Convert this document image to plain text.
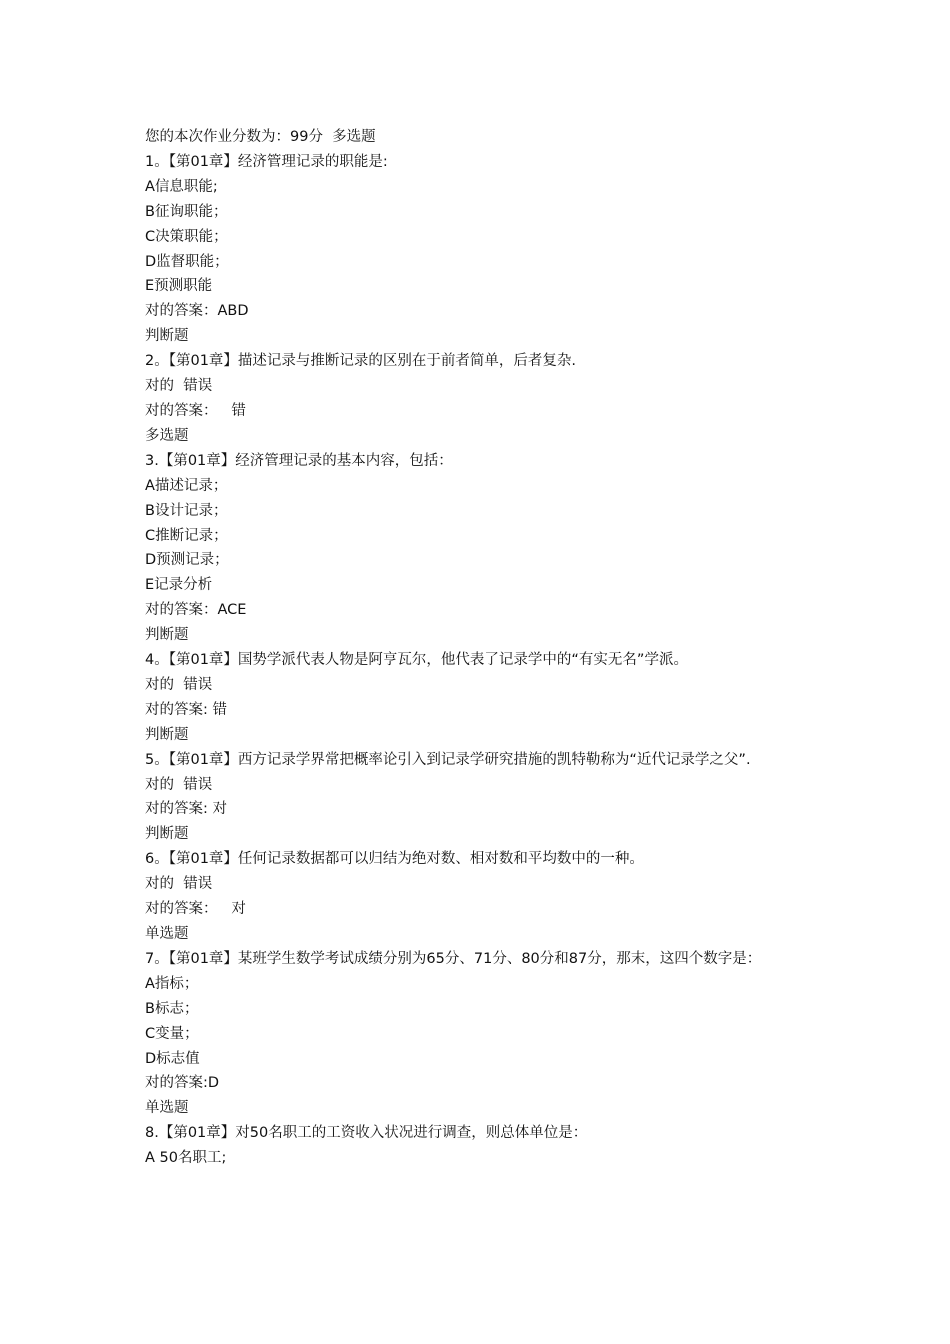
您的本次作业分数为：99分  多选题
1。【第01章】经济管理记录的职能是:
A信息职能;
B征询职能；
C决策职能；
D监督职能；
E预测职能
对的答案：ABD
判断题
2。【第01章】描述记录与推断记录的区别在于前者简单，后者复杂.
对的  错误
对的答案：   错
多选题
3.【第01章】经济管理记录的基本内容，包括：
A描述记录；
B设计记录；
C推断记录；
D预测记录；
E记录分析
对的答案：ACE
判断题
4。【第01章】国势学派代表人物是阿亨瓦尔，他代表了记录学中的“有实无名”学派。
对的  错误
对的答案: 错
判断题
5。【第01章】西方记录学界常把概率论引入到记录学研究措施的凯特勒称为“近代记录学之父”.
对的  错误
对的答案: 对
判断题
6。【第01章】任何记录数据都可以归结为绝对数、相对数和平均数中的一种。
对的  错误
对的答案：   对
单选题
7。【第01章】某班学生数学考试成绩分别为65分、71分、80分和87分，那末，这四个数字是：
A指标；
B标志；
C变量；
D标志值
对的答案:D
单选题
8.【第01章】对50名职工的工资收入状况进行调查，则总体单位是：
A 50名职工;
